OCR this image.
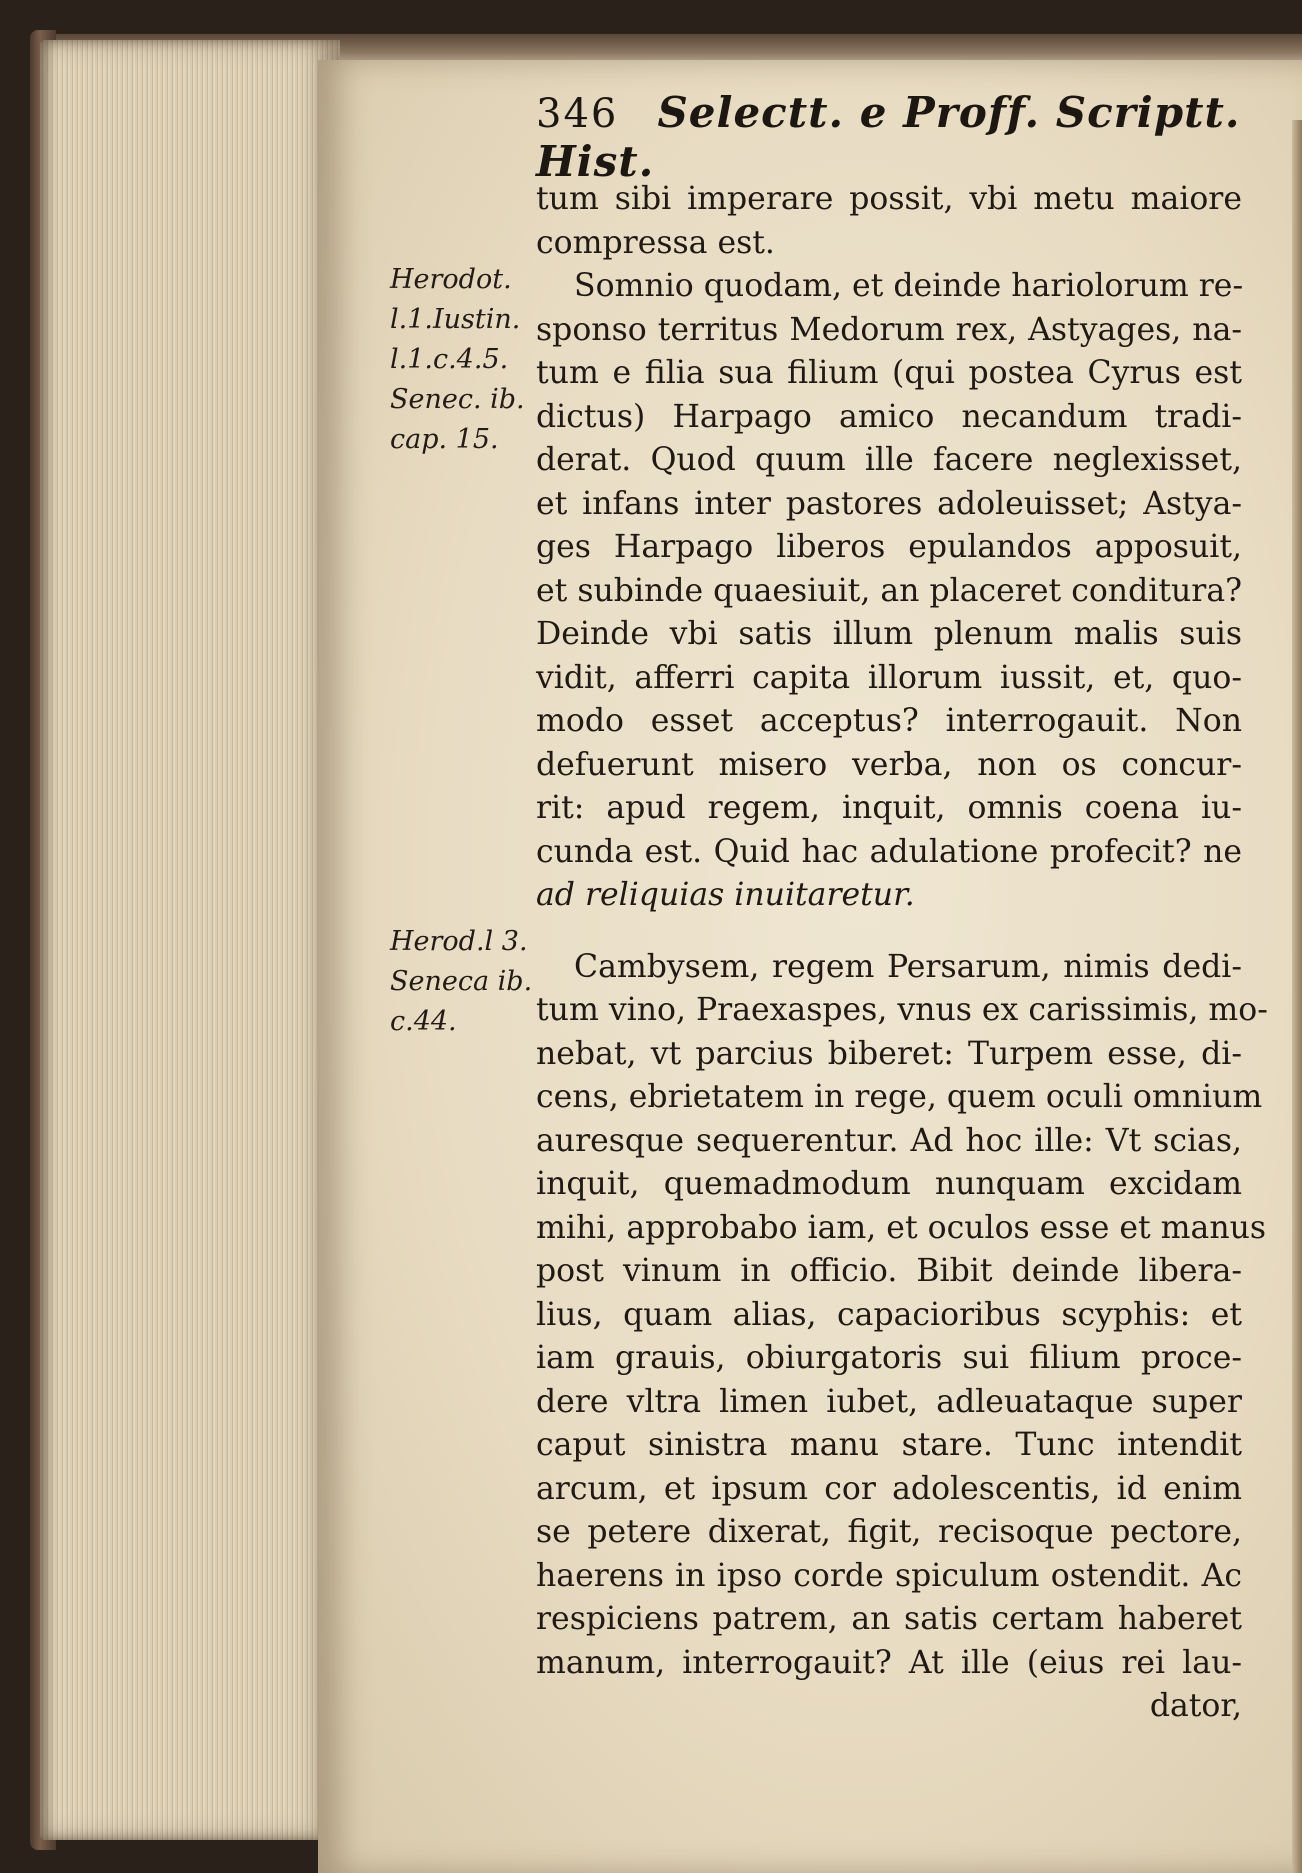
346 Selectt. e Proff. Scriptt. Hist.
Herodot.
l.1.Iustin.
l.1.c.4.5.
Senec. ib.
cap. 15.
Herod.l 3.
Seneca ib.
c.44.
tum sibi imperare possit, vbi metu maiore
compressa est.
Somnio quodam, et deinde hariolorum re-
sponso territus Medorum rex, Astyages, na-
tum e filia sua filium (qui postea Cyrus est
dictus) Harpago amico necandum tradi-
derat. Quod quum ille facere neglexisset,
et infans inter pastores adoleuisset; Astya-
ges Harpago liberos epulandos apposuit,
et subinde quaesiuit, an placeret conditura?
Deinde vbi satis illum plenum malis suis
vidit, afferri capita illorum iussit, et, quo-
modo esset acceptus? interrogauit. Non
defuerunt misero verba, non os concur-
rit: apud regem, inquit, omnis coena iu-
cunda est. Quid hac adulatione profecit? ne
ad reliquias inuitaretur.
Cambysem, regem Persarum, nimis dedi-
tum vino, Praexaspes, vnus ex carissimis, mo-
nebat, vt parcius biberet: Turpem esse, di-
cens, ebrietatem in rege, quem oculi omnium
auresque sequerentur. Ad hoc ille: Vt scias,
inquit, quemadmodum nunquam excidam
mihi, approbabo iam, et oculos esse et manus
post vinum in officio. Bibit deinde libera-
lius, quam alias, capacioribus scyphis: et
iam grauis, obiurgatoris sui filium proce-
dere vltra limen iubet, adleuataque super
caput sinistra manu stare. Tunc intendit
arcum, et ipsum cor adolescentis, id enim
se petere dixerat, figit, recisoque pectore,
haerens in ipso corde spiculum ostendit. Ac
respiciens patrem, an satis certam haberet
manum, interrogauit? At ille (eius rei lau-
dator,
